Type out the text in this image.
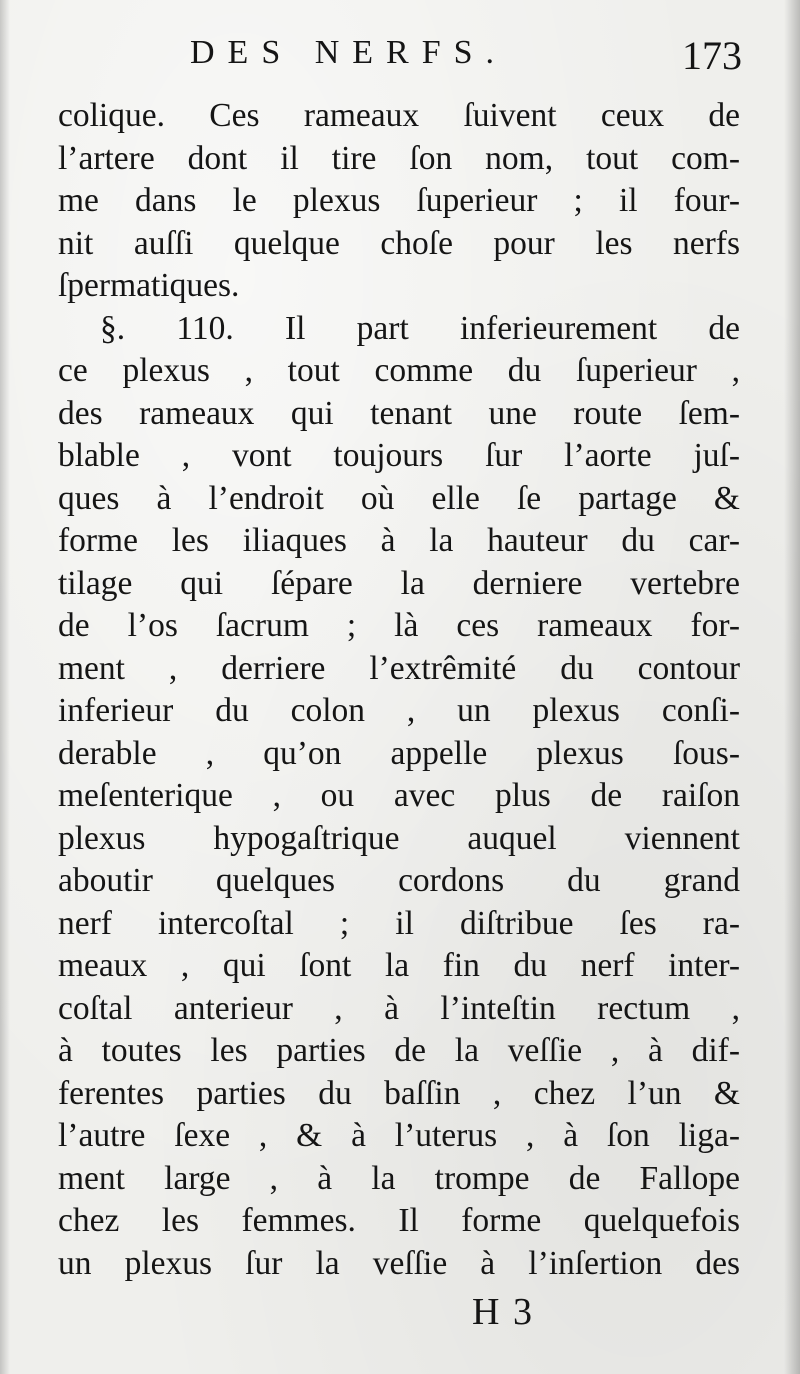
DES NERFS.	173
colique. Ces rameaux ſuivent ceux de
l’artere dont il tire ſon nom, tout com-
me dans le plexus ſuperieur ; il four-
nit auſſi quelque choſe pour les nerfs
ſpermatiques.
§. 110. Il part inferieurement de
ce plexus , tout comme du ſuperieur ,
des rameaux qui tenant une route ſem-
blable , vont toujours ſur l’aorte juſ-
ques à l’endroit où elle ſe partage &
forme les iliaques à la hauteur du car-
tilage qui ſépare la derniere vertebre
de l’os ſacrum ; là ces rameaux for-
ment , derriere l’extrêmité du contour
inferieur du colon , un plexus conſi-
derable , qu’on appelle plexus ſous-
meſenterique , ou avec plus de raiſon
plexus hypogaſtrique auquel viennent
aboutir quelques cordons du grand
nerf intercoſtal ; il diſtribue ſes ra-
meaux , qui ſont la fin du nerf inter-
coſtal anterieur , à l’inteſtin rectum ,
à toutes les parties de la veſſie , à dif-
ferentes parties du baſſin , chez l’un &
l’autre ſexe , & à l’uterus , à ſon liga-
ment large , à la trompe de Fallope
chez les femmes. Il forme quelquefois
un plexus ſur la veſſie à l’inſertion des
H 3
